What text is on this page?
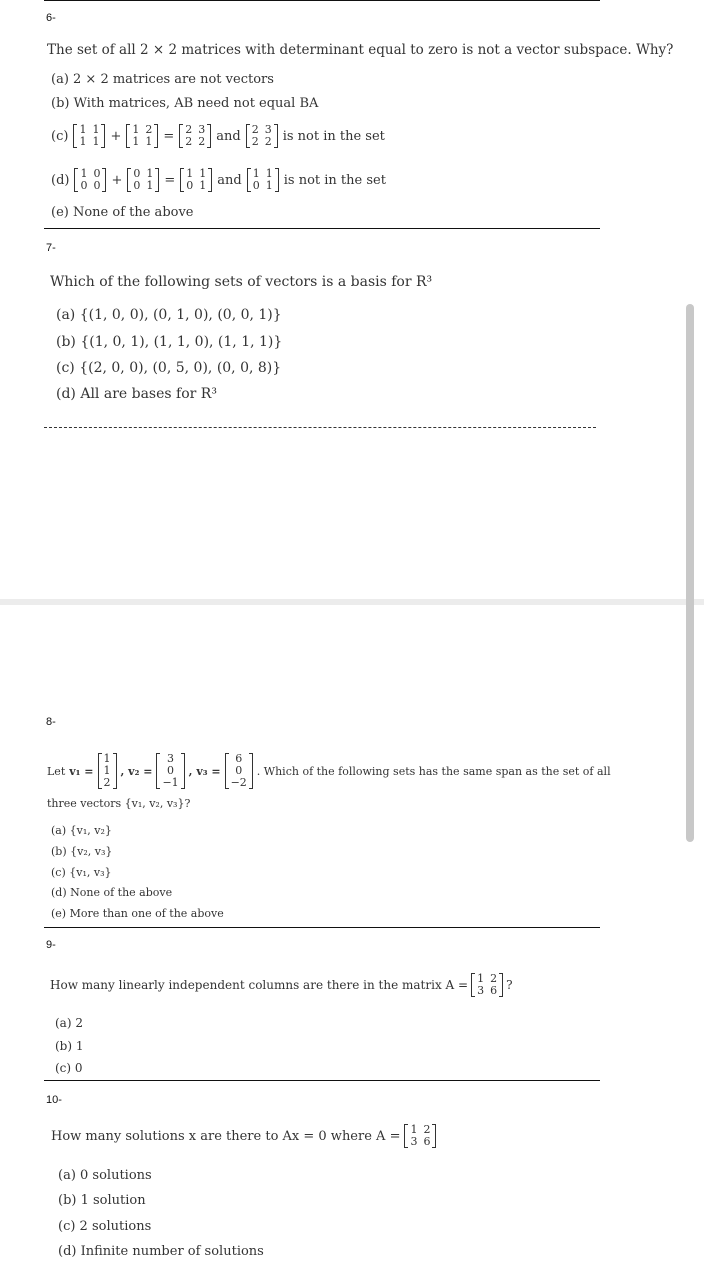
6-
The set of all 2 × 2 matrices with determinant equal to zero is not a vector subspace. Why?
(a) 2 × 2 matrices are not vectors
(b) With matrices, AB need not equal BA
(c) 1 1
1 1 + 1 2
1 1 = 2 3
2 2 and 2 3
2 2 is not in the set
(d) 1 0
0 0 + 0 1
0 1 = 1 1
0 1 and 1 1
0 1 is not in the set
(e) None of the above
7-
Which of the following sets of vectors is a basis for R³
(a) {(1, 0, 0), (0, 1, 0), (0, 0, 1)}
(b) {(1, 0, 1), (1, 1, 0), (1, 1, 1)}
(c) {(2, 0, 0), (0, 5, 0), (0, 0, 8)}
(d) All are bases for R³
8-
Let v₁ =
1
1
2
, v₂ =
3
0
−1
, v₃ =
6
0
−2
. Which of the following sets has the same span as the set of all
three vectors {v₁, v₂, v₃}?
(a) {v₁, v₂}
(b) {v₂, v₃}
(c) {v₁, v₃}
(d) None of the above
(e) More than one of the above
9-
How many linearly independent columns are there in the matrix A = 1 2
3 6 ?
(a) 2
(b) 1
(c) 0
10-
How many solutions x are there to Ax = 0 where A = 1 2
3 6
(a) 0 solutions
(b) 1 solution
(c) 2 solutions
(d) Infinite number of solutions
